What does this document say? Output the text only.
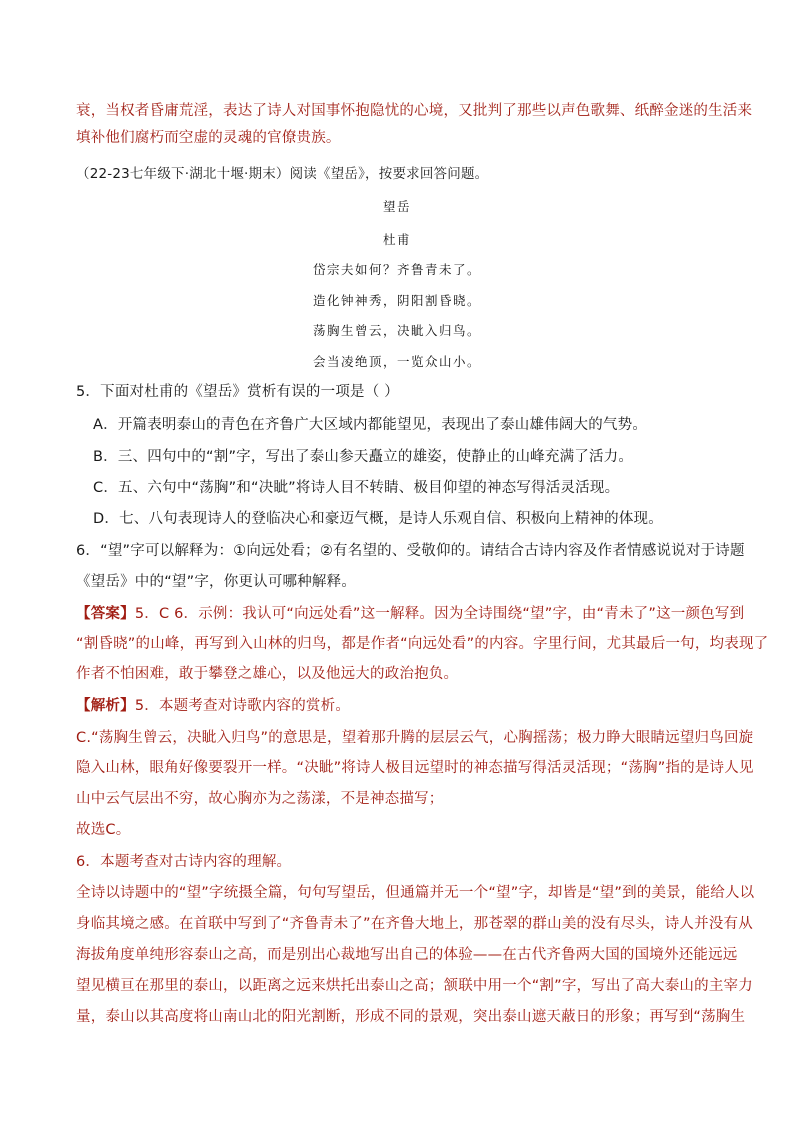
衰，当权者昏庸荒淫，表达了诗人对国事怀抱隐忧的心境，又批判了那些以声色歌舞、纸醉金迷的生活来
填补他们腐朽而空虚的灵魂的官僚贵族。
（22-23七年级下·湖北十堰·期末）阅读《望岳》，按要求回答问题。
望岳
杜甫
岱宗夫如何？齐鲁青未了。
造化钟神秀，阴阳割昏晓。
荡胸生曾云，决眦入归鸟。
会当凌绝顶，一览众山小。
5．下面对杜甫的《望岳》赏析有误的一项是（ ）
A．开篇表明泰山的青色在齐鲁广大区域内都能望见，表现出了泰山雄伟阔大的气势。
B．三、四句中的“割”字，写出了泰山参天矗立的雄姿，使静止的山峰充满了活力。
C．五、六句中“荡胸”和“决眦”将诗人目不转睛、极目仰望的神态写得活灵活现。
D．七、八句表现诗人的登临决心和豪迈气概，是诗人乐观自信、积极向上精神的体现。
6．“望”字可以解释为：①向远处看；②有名望的、受敬仰的。请结合古诗内容及作者情感说说对于诗题
《望岳》中的“望”字，你更认可哪种解释。
【答案】5．C 6．示例：我认可“向远处看”这一解释。因为全诗围绕“望”字，由“青未了”这一颜色写到
“割昏晓”的山峰，再写到入山林的归鸟，都是作者“向远处看”的内容。字里行间，尤其最后一句，均表现了
作者不怕困难，敢于攀登之雄心，以及他远大的政治抱负。
【解析】5．本题考查对诗歌内容的赏析。
C.“荡胸生曾云，决眦入归鸟”的意思是，望着那升腾的层层云气，心胸摇荡；极力睁大眼睛远望归鸟回旋
隐入山林，眼角好像要裂开一样。“决眦”将诗人极目远望时的神态描写得活灵活现；“荡胸”指的是诗人见
山中云气层出不穷，故心胸亦为之荡漾，不是神态描写；
故选C。
6．本题考查对古诗内容的理解。
全诗以诗题中的“望”字统摄全篇，句句写望岳，但通篇并无一个“望”字，却皆是“望”到的美景，能给人以
身临其境之感。在首联中写到了“齐鲁青未了”在齐鲁大地上，那苍翠的群山美的没有尽头，诗人并没有从
海拔角度单纯形容泰山之高，而是别出心裁地写出自己的体验——在古代齐鲁两大国的国境外还能远远
望见横亘在那里的泰山，以距离之远来烘托出泰山之高；颔联中用一个“割”字，写出了高大泰山的主宰力
量，泰山以其高度将山南山北的阳光割断，形成不同的景观，突出泰山遮天蔽日的形象；再写到“荡胸生
